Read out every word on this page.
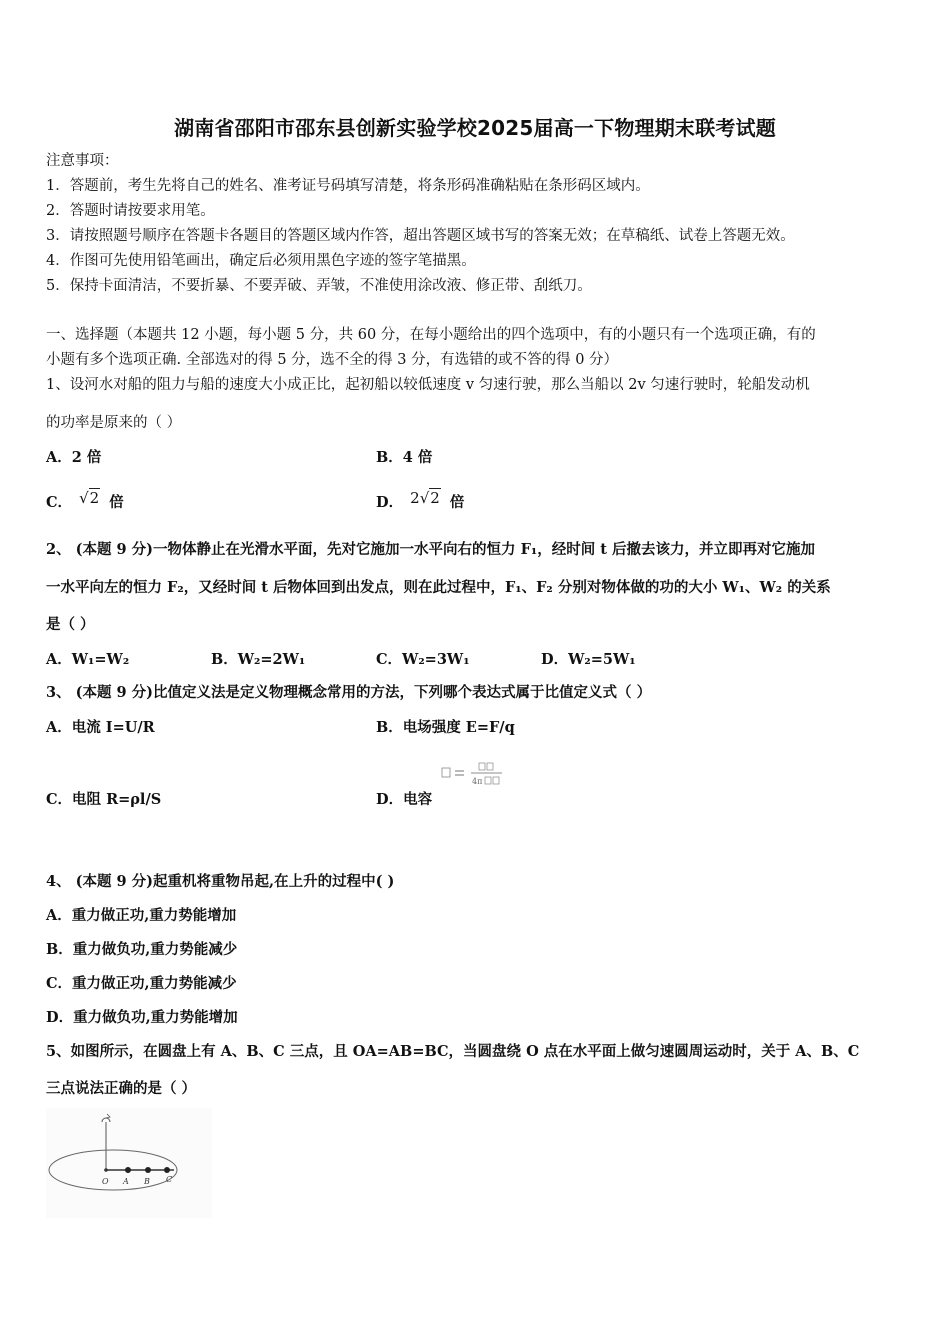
湖南省邵阳市邵东县创新实验学校2025届高一下物理期末联考试题
注意事项：
1．答题前，考生先将自己的姓名、准考证号码填写清楚，将条形码准确粘贴在条形码区域内。
2．答题时请按要求用笔。
3．请按照题号顺序在答题卡各题目的答题区域内作答，超出答题区域书写的答案无效；在草稿纸、试卷上答题无效。
4．作图可先使用铅笔画出，确定后必须用黑色字迹的签字笔描黑。
5．保持卡面清洁，不要折暴、不要弄破、弄皱，不准使用涂改液、修正带、刮纸刀。
一、选择题（本题共 12 小题，每小题 5 分，共 60 分，在每小题给出的四个选项中，有的小题只有一个选项正确，有的
小题有多个选项正确. 全部选对的得 5 分，选不全的得 3 分，有选错的或不答的得 0 分）
1、设河水对船的阻力与船的速度大小成正比，起初船以较低速度 v 匀速行驶，那么当船以 2v 匀速行驶时，轮船发动机
的功率是原来的（ ）
A．2 倍	B．4 倍
C． √2 倍	D． 2√2 倍
2、 (本题 9 分)一物体静止在光滑水平面，先对它施加一水平向右的恒力 F₁，经时间 t 后撤去该力，并立即再对它施加
一水平向左的恒力 F₂，又经时间 t 后物体回到出发点，则在此过程中，F₁、F₂ 分别对物体做的功的大小 W₁、W₂ 的关系
是（ ）
A．W₁=W₂	B．W₂=2W₁	C．W₂=3W₁	D．W₂=5W₁
3、 (本题 9 分)比值定义法是定义物理概念常用的方法，下列哪个表达式属于比值定义式（ ）
A．电流 I=U/R	B．电场强度 E=F/q
4π
C．电阻 R=ρl/S	D．电容
4、 (本题 9 分)起重机将重物吊起,在上升的过程中( )
A．重力做正功,重力势能增加
B．重力做负功,重力势能减少
C．重力做正功,重力势能减少
D．重力做负功,重力势能增加
5、如图所示，在圆盘上有 A、B、C 三点，且 OA=AB=BC，当圆盘绕 O 点在水平面上做匀速圆周运动时，关于 A、B、C
三点说法正确的是（ ）
O A B C
